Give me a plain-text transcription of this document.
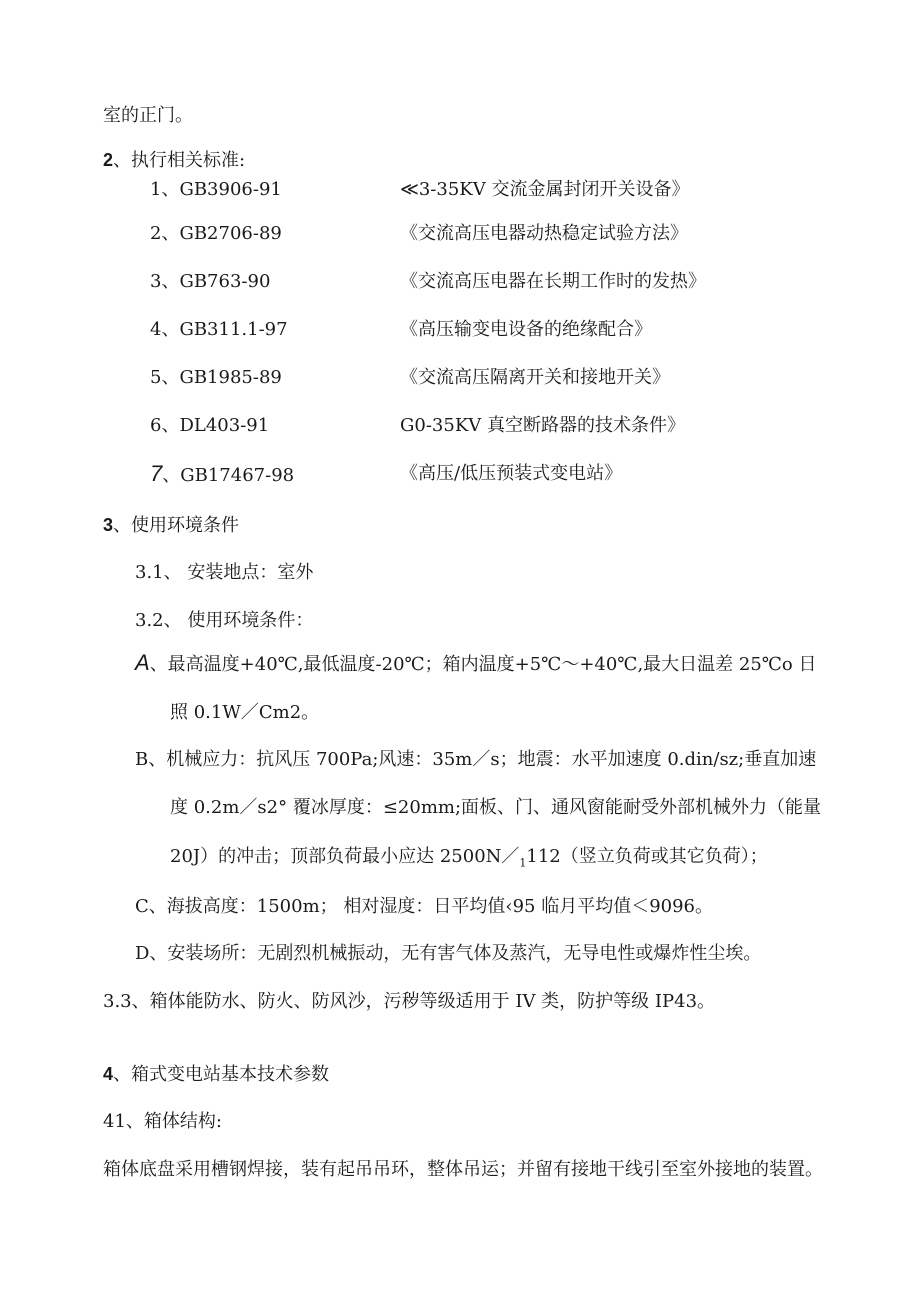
室的正门。
2、执行相关标准:
1、GB3906-91	≪3-35KV 交流金属封闭开关设备》
2、GB2706-89	《交流高压电器动热稳定试验方法》
3、GB763-90	《交流高压电器在长期工作时的发热》
4、GB311.1-97	《高压输变电设备的绝缘配合》
5、GB1985-89	《交流高压隔离开关和接地开关》
6、DL403-91	G0-35KV 真空断路器的技术条件》
7、GB17467-98	《高压/低压预装式变电站》
3、使用环境条件
3.1、 安装地点：室外
3.2、 使用环境条件：
A、最高温度+40℃,最低温度-20℃；箱内温度+5℃～+40℃,最大日温差 25℃o 日
照 0.1W／Cm2。
B、机械应力：抗风压 700Pa;风速：35m／s；地震：水平加速度 0.din/sz;垂直加速
度 0.2m／s2° 覆冰厚度：≤20mm;面板、门、通风窗能耐受外部机械外力（能量
20J）的冲击；顶部负荷最小应达 $2500N/_1112$（竖立负荷或其它负荷）；
C、海拔高度：1500m； 相对湿度：日平均值‹95 临月平均值＜9096。
D、安装场所：无剧烈机械振动，无有害气体及蒸汽，无导电性或爆炸性尘埃。
3.3、箱体能防水、防火、防风沙，污秽等级适用于 IV 类，防护等级 IP43。
4、箱式变电站基本技术参数
41、箱体结构:
箱体底盘采用槽钢焊接，装有起吊吊环，整体吊运；并留有接地干线引至室外接地的装置。
